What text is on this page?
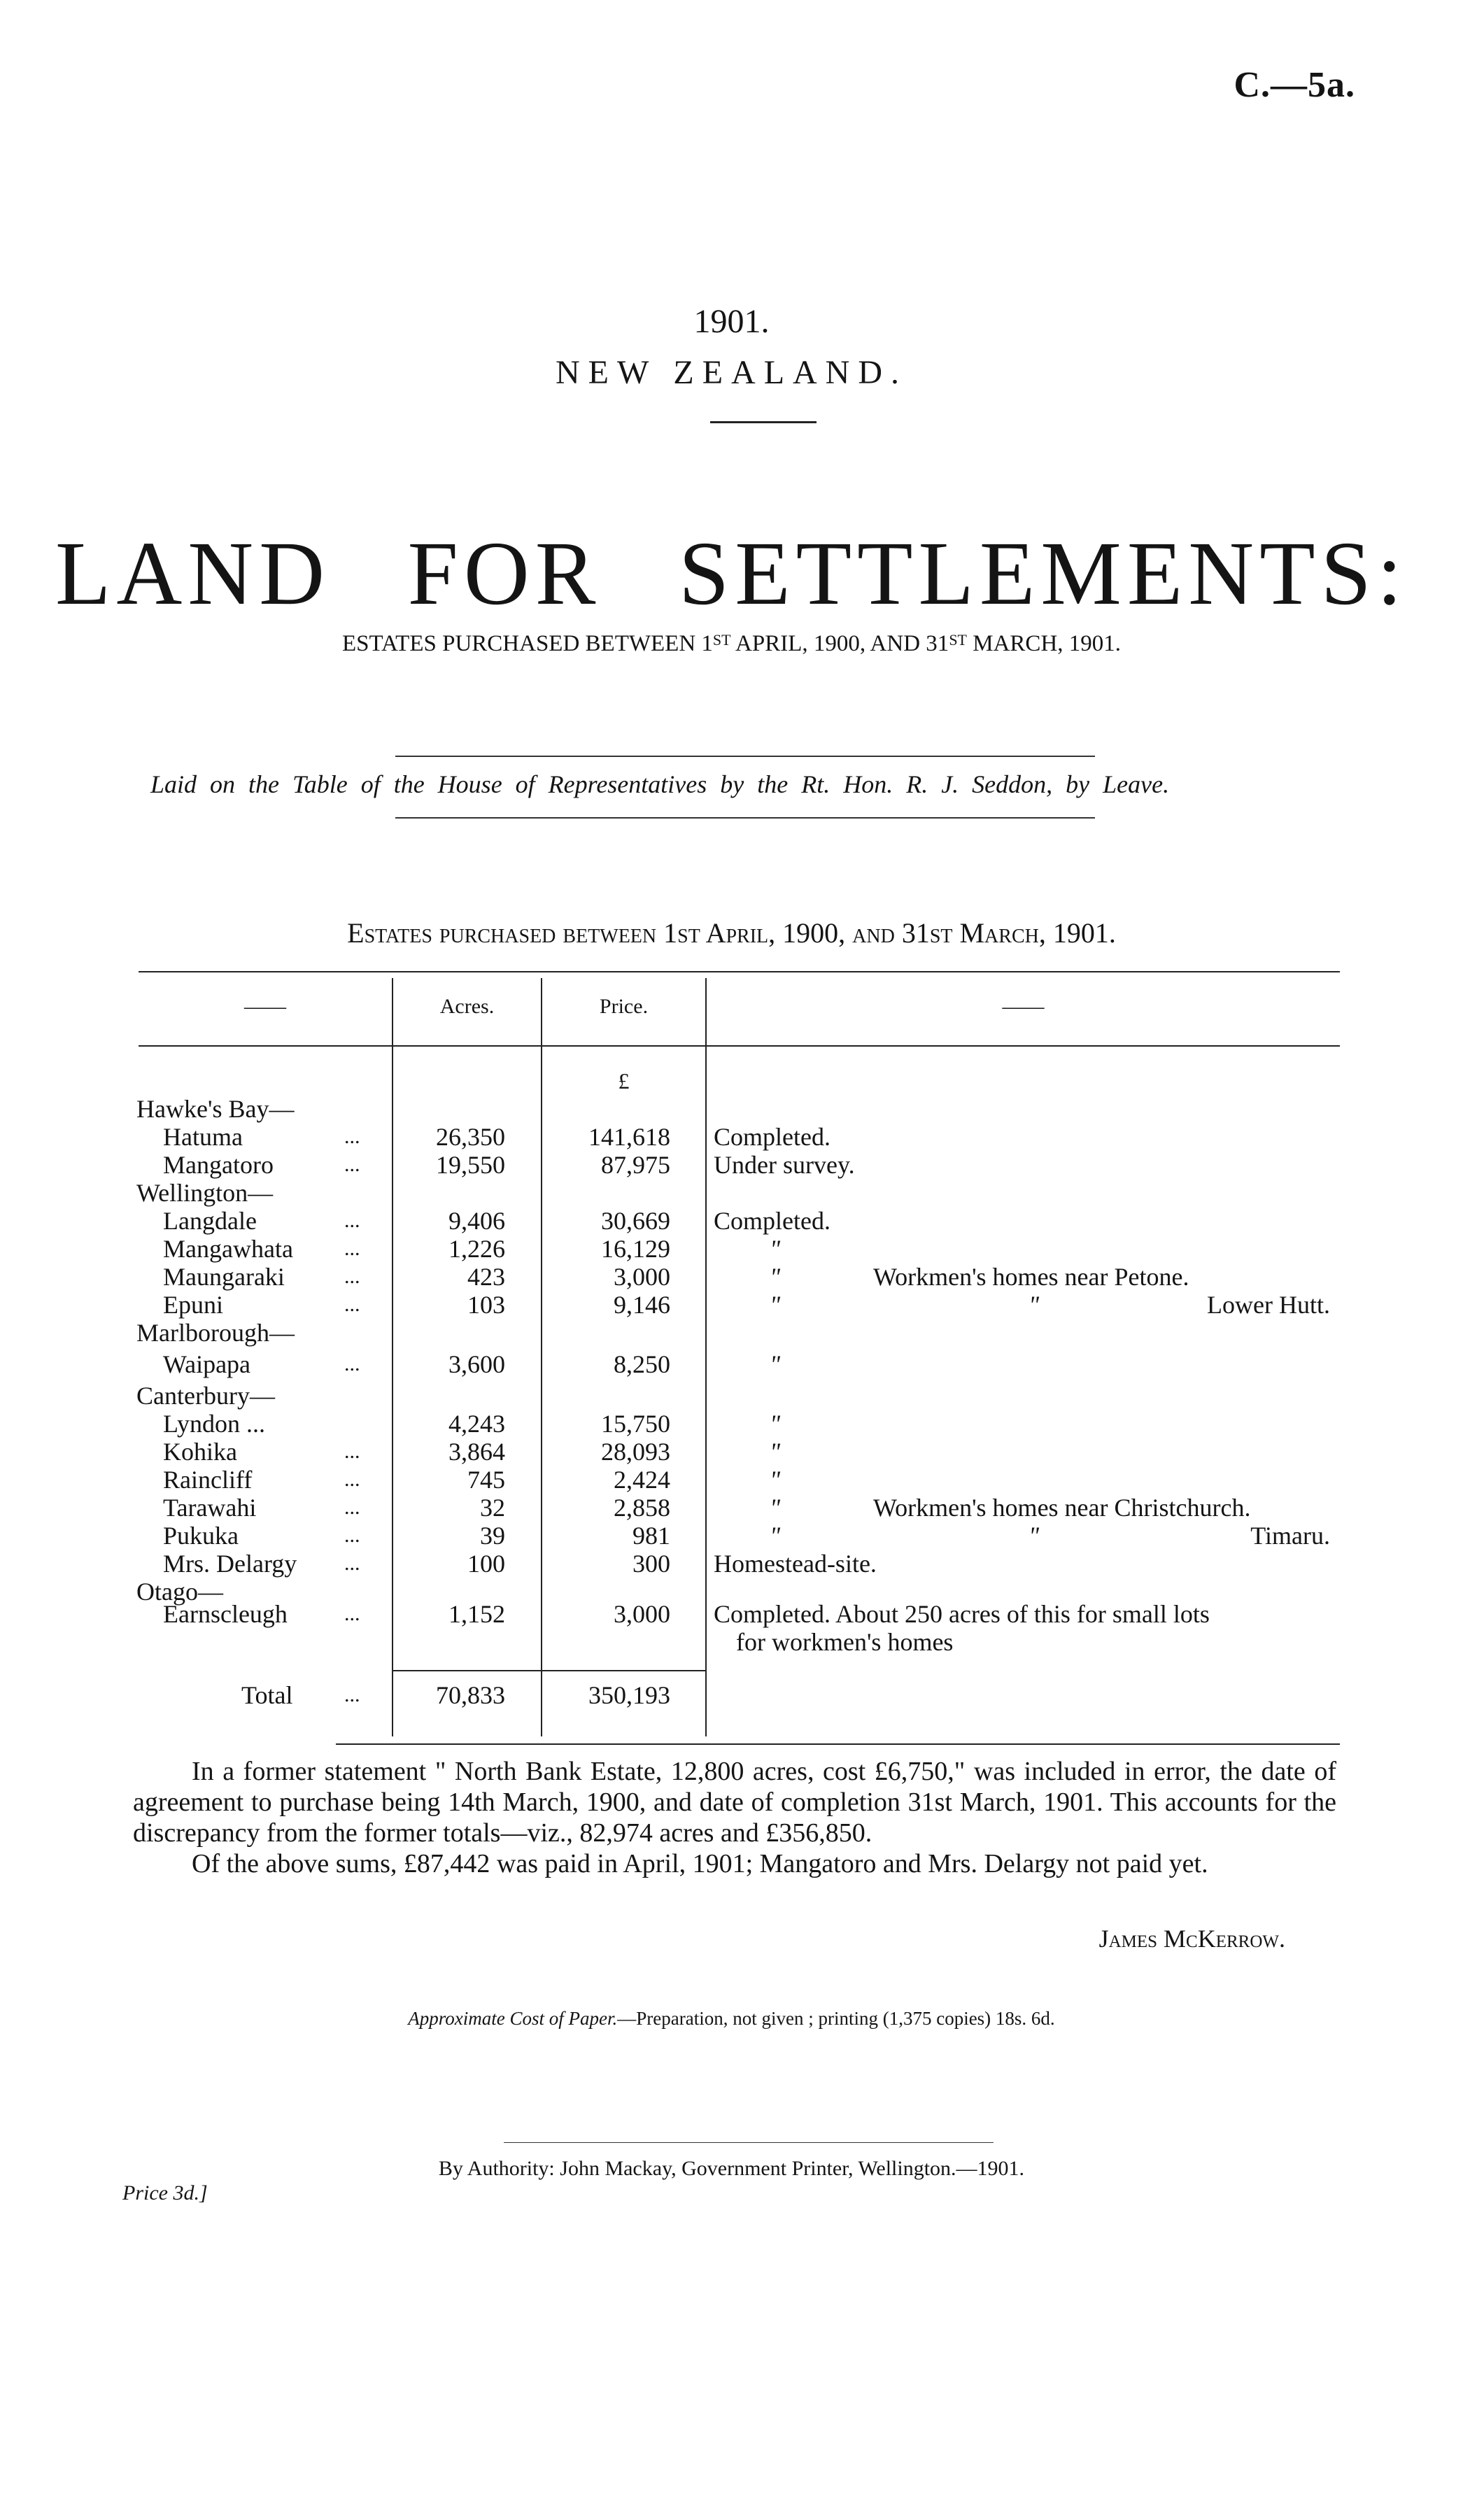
C.—5a.
1901.
NEW ZEALAND.
LAND FOR SETTLEMENTS:
ESTATES PURCHASED BETWEEN 1ST APRIL, 1900, AND 31ST MARCH, 1901.
Laid on the Table of the House of Representatives by the Rt. Hon. R. J. Seddon, by Leave.
Estates purchased between 1st April, 1900, and 31st March, 1901.
——	Acres.	Price.	——
£
Hawke's Bay—
Hatuma	...	26,350	141,618 Completed.
Mangatoro	...	19,550	87,975 Under survey.
Wellington—
Langdale	...	9,406	30,669 Completed.
Mangawhata ...	1,226	16,129	"
Maungaraki	...	423	3,000	"	Workmen's homes near Petone.
Epuni	...	103	9,146	"	"	Lower Hutt.
Marlborough—
Waipapa	...	3,600	8,250	"
Canterbury—
Lyndon ...	4,243	15,750	"
Kohika	...	3,864	28,093	"
Raincliff	...	745	2,424	"
Tarawahi	...	32	2,858	"	Workmen's homes near Christchurch.
Pukuka	...	39	981	"	"	Timaru.
Mrs. Delargy ...	100	300 Homestead-site.
Otago—
Earnscleugh	...	1,152	3,000 Completed. About 250 acres of this for small lots
for workmen's homes
Total ...	70,833	350,193
In a former statement " North Bank Estate, 12,800 acres, cost £6,750," was included in error, the date of agreement to purchase being 14th March, 1900, and date of completion 31st March, 1901. This accounts for the discrepancy from the former totals—viz., 82,974 acres and £356,850.
Of the above sums, £87,442 was paid in April, 1901; Mangatoro and Mrs. Delargy not paid yet.
James McKerrow.
Approximate Cost of Paper.—Preparation, not given ; printing (1,375 copies) 18s. 6d.
By Authority: John Mackay, Government Printer, Wellington.—1901.
Price 3d.]
